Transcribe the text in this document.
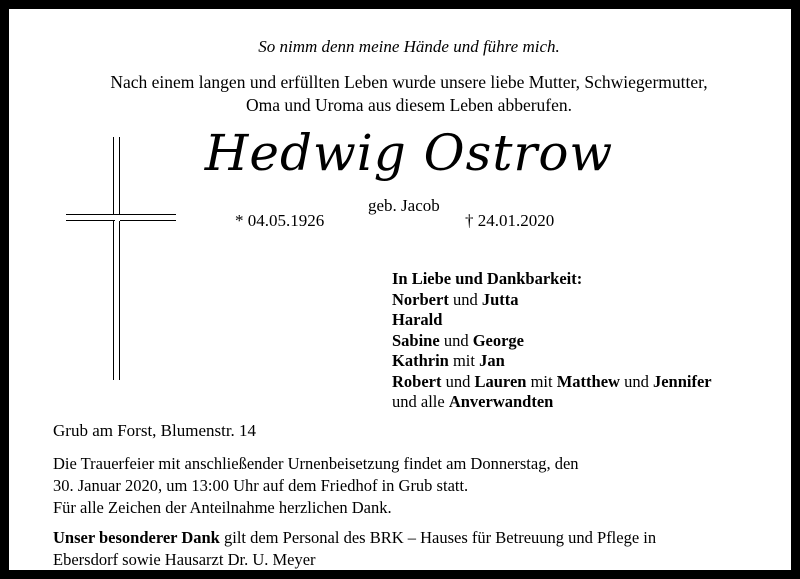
So nimm denn meine Hände und führe mich.
Nach einem langen und erfüllten Leben wurde unsere liebe Mutter, Schwiegermutter,
Oma und Uroma aus diesem Leben abberufen.
Hedwig Ostrow
geb. Jacob
* 04.05.1926	† 24.01.2020
In Liebe und Dankbarkeit:
Norbert und Jutta
Harald
Sabine und George
Kathrin mit Jan
Robert und Lauren mit Matthew und Jennifer
und alle Anverwandten
Grub am Forst, Blumenstr. 14
Die Trauerfeier mit anschließender Urnenbeisetzung findet am Donnerstag, den
30. Januar 2020, um 13:00 Uhr auf dem Friedhof in Grub statt.
Für alle Zeichen der Anteilnahme herzlichen Dank.
Unser besonderer Dank gilt dem Personal des BRK – Hauses für Betreuung und Pflege in
Ebersdorf sowie Hausarzt Dr. U. Meyer
